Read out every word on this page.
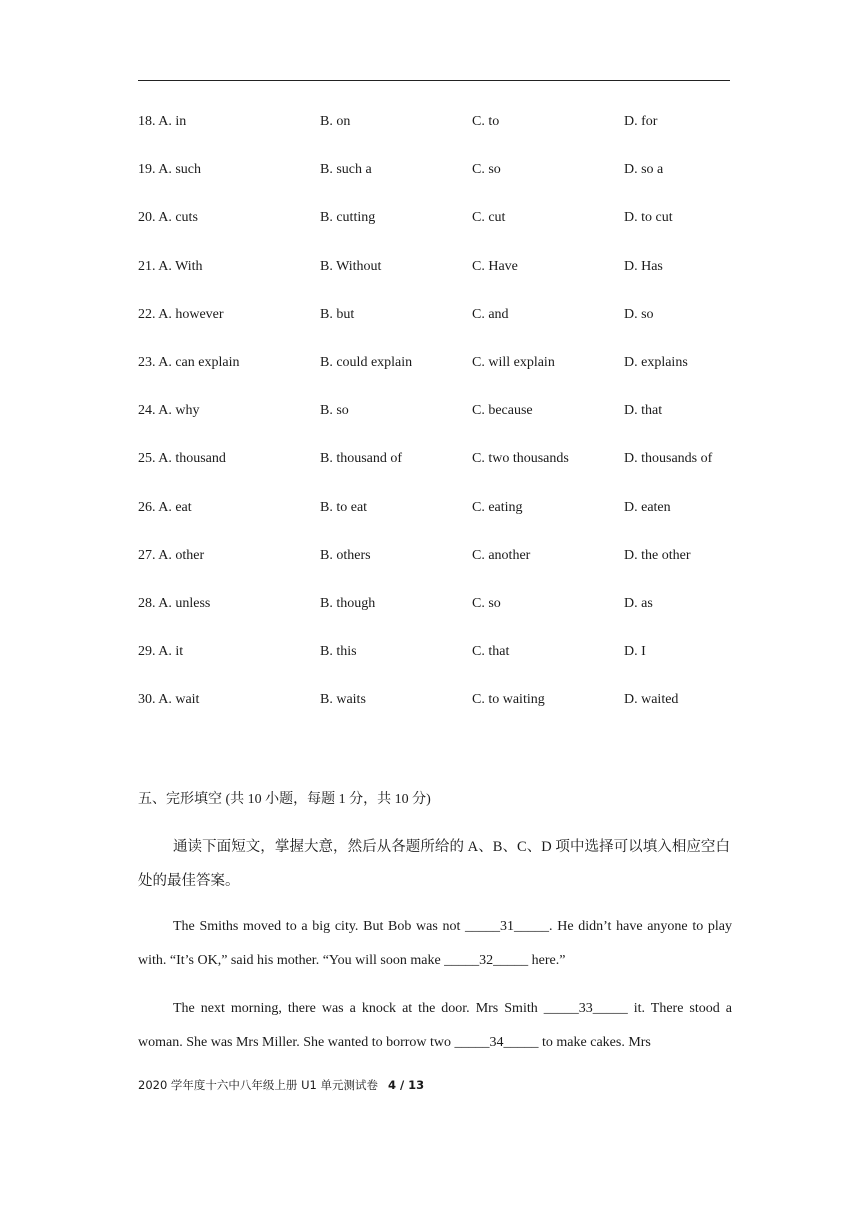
18. A. in	B. on	C. to	D. for
19. A. such	B. such a	C. so	D. so a
20. A. cuts	B. cutting	C. cut	D. to cut
21. A. With	B. Without	C. Have	D. Has
22. A. however	B. but	C. and	D. so
23. A. can explain	B. could explain	C. will explain	D. explains
24. A. why	B. so	C. because	D. that
25. A. thousand	B. thousand of	C. two thousands	D. thousands of
26. A. eat	B. to eat	C. eating	D. eaten
27. A. other	B. others	C. another	D. the other
28. A. unless	B. though	C. so	D. as
29. A. it	B. this	C. that	D. I
30. A. wait	B. waits	C. to waiting	D. waited
五、完形填空 (共 10 小题，每题 1 分，共 10 分)

通读下面短文，掌握大意，然后从各题所给的 A、B、C、D 项中选择可以填入相应空白处的最佳答案。

The Smiths moved to a big city. But Bob was not _____31_____. He didn’t have anyone to play with. “It’s OK,” said his mother. “You will soon make _____32_____ here.”

The next morning, there was a knock at the door. Mrs Smith _____33_____ it. There stood a woman. She was Mrs Miller. She wanted to borrow two _____34_____ to make cakes. Mrs

2020 学年度十六中八年级上册 U1 单元测试卷 4 / 13
